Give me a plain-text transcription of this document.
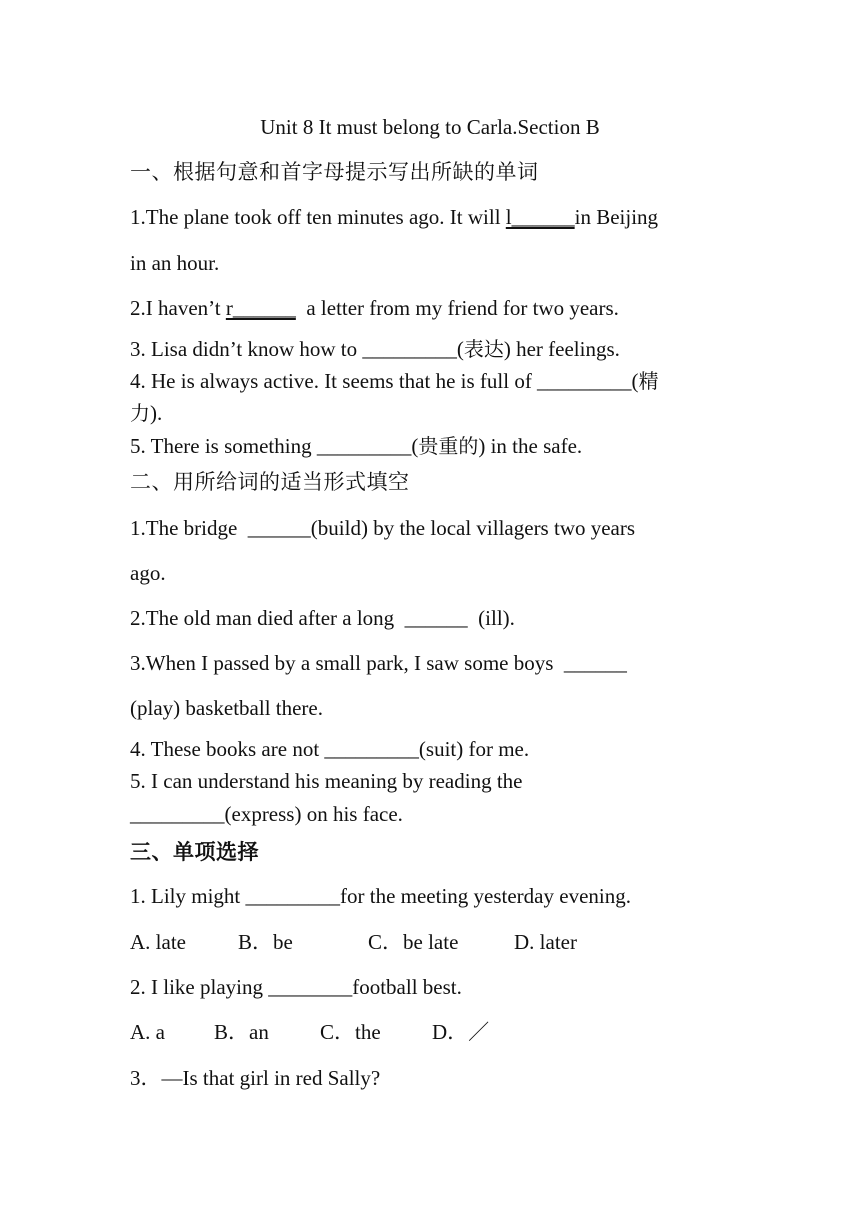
Unit 8 It must belong to Carla.Section B
一、根据句意和首字母提示写出所缺的单词
1.The plane took off ten minutes ago. It will l______in Beijing
in an hour.
2.I haven’t r______  a letter from my friend for two years.
3. Lisa didn’t know how to _________(表达) her feelings.
4. He is always active. It seems that he is full of _________(精
力).
5. There is something _________(贵重的) in the safe.
二、用所给词的适当形式填空
1.The bridge  ______(build) by the local villagers two years
ago.
2.The old man died after a long  ______  (ill).
3.When I passed by a small park, I saw some boys  ______
(play) basketball there.
4. These books are not _________(suit) for me.
5. I can understand his meaning by reading the
_________(express) on his face.
三、单项选择
1. Lily might _________for the meeting yesterday evening.
A. late B．be	C．be late	D. later
2. I like playing ________football best.
A. a B．an C．the D．／
3．—Is that girl in red Sally?
